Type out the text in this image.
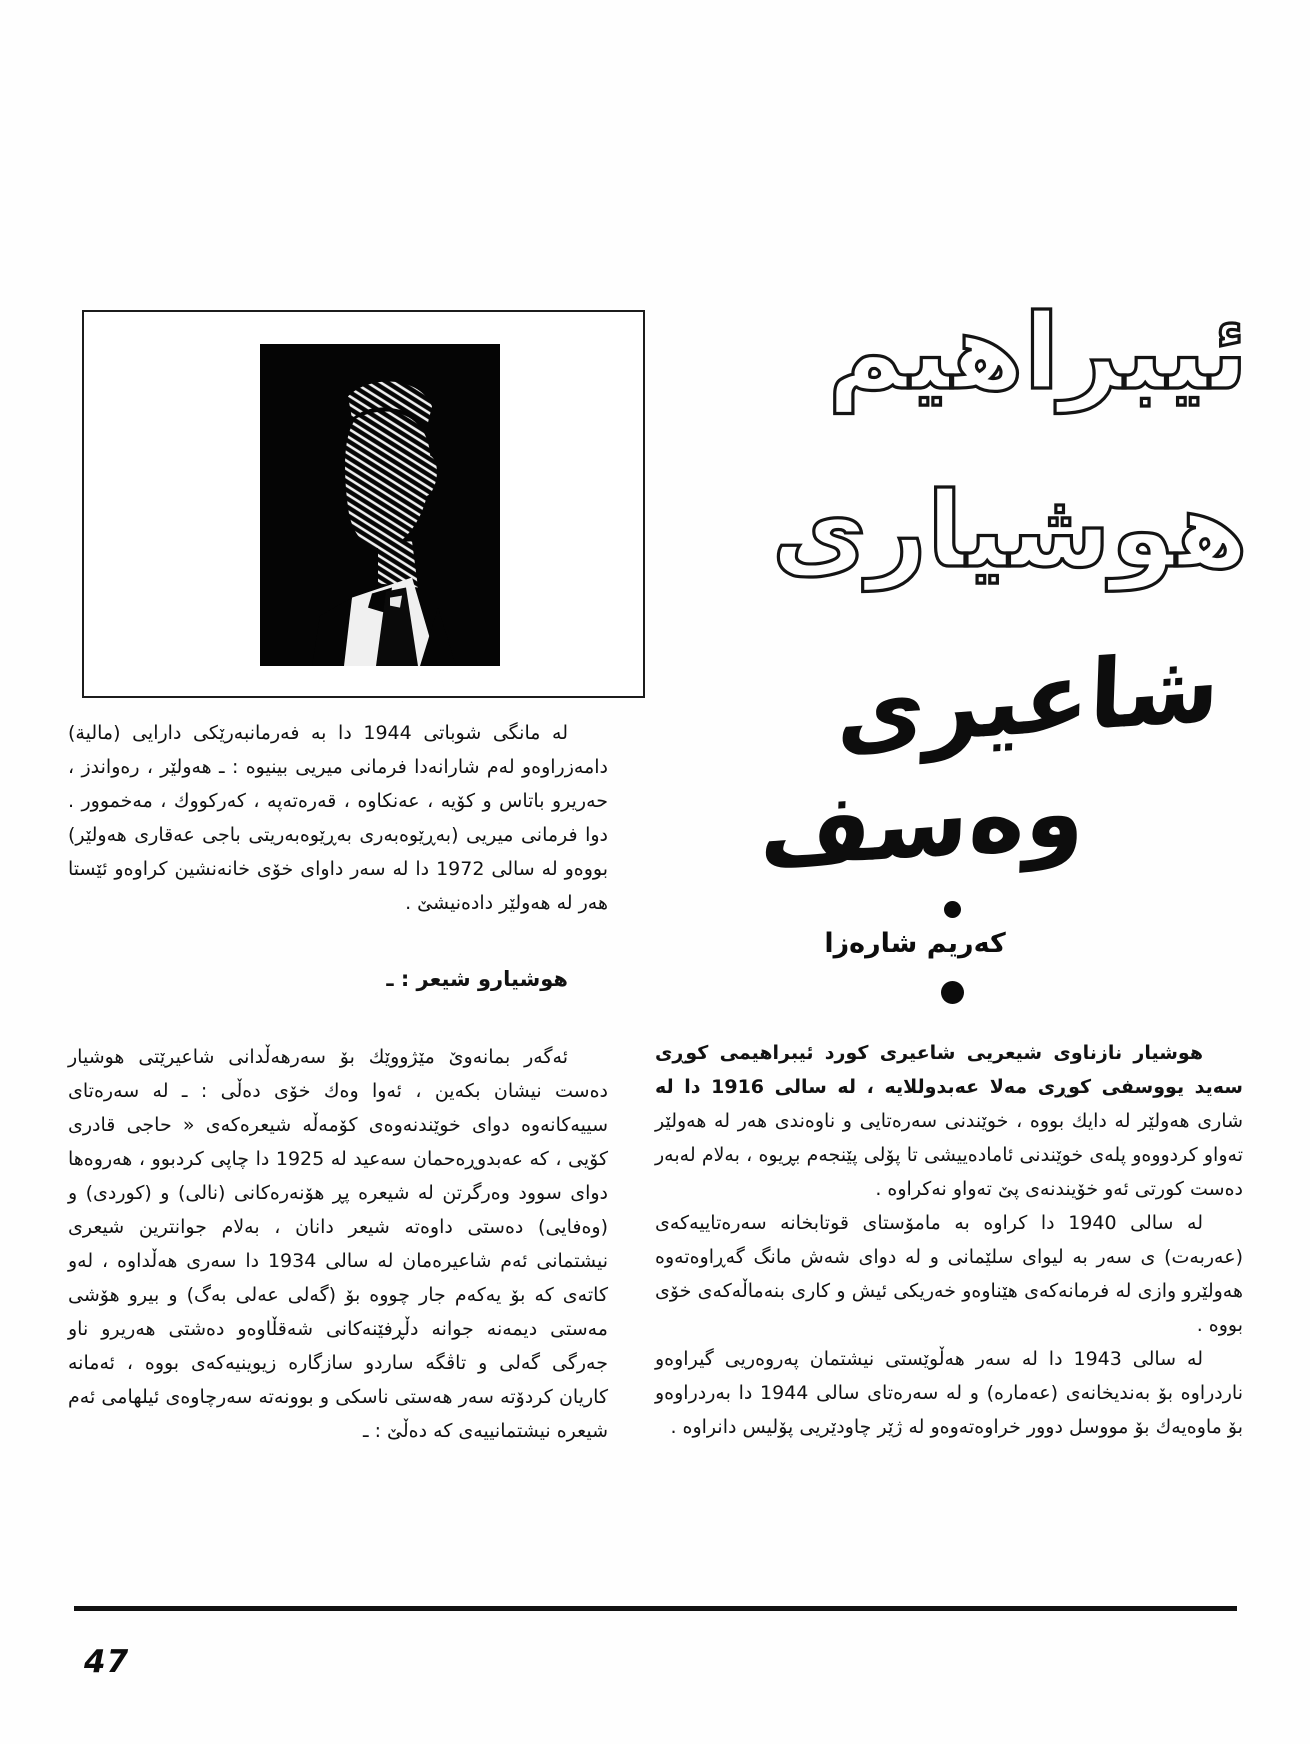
ئیبراهیم
هوشیاری
شاعیری
وەسف
کەریم شارەزا

له مانگی شوباتی 1944 دا به فەرمانبەرێکی دارایی (مالية) دامەزراوەو لەم شارانەدا فرمانی میریی بینیوه : ـ هەولێر ، رەواندز ، حەریرو باتاس و کۆیه ، عەنکاوه ، قەرەتەپه ، کەرکووك ، مەخموور . دوا فرمانی میریی (بەڕێوەبەری بەڕێوەبەریتی باجی عەقاری هەولێر) بووەو له سالی 1972 دا له سەر داوای خۆی خانەنشین کراوەو ئێستا هەر له هەولێر دادەنیشێ .

هوشیارو شیعر : ـ

ئەگەر بمانەوێ مێژووێك بۆ سەرهەڵدانی شاعیرێتی هوشیار دەست نیشان بکەین ، ئەوا وەك خۆی دەڵی : ـ له سەرەتای سییەکانەوه دوای خوێندنەوەی کۆمەڵه شیعرەکەی « حاجی قادری کۆیی ، که عەبدوڕەحمان سەعید له 1925 دا چاپی کردبوو ، هەروەها دوای سوود وەرگرتن له شیعره پڕ هۆنەرەکانی (نالی) و (کوردی) و (وەفایی) دەستی داوەته شیعر دانان ، بەلام جوانترین شیعری نیشتمانی ئەم شاعیرەمان له سالی 1934 دا سەری هەڵداوه ، لەو کاتەی که بۆ یەکەم جار چووه بۆ (گەلی عەلی بەگ) و بیرو هۆشی مەستی دیمەنه جوانه دڵڕفێنەکانی شەقڵاوەو دەشتی هەریرو ناو جەرگی گەلی و تاڤگه ساردو سازگاره زیوینیەکەی بووه ، ئەمانه کاریان کردۆته سەر هەستی ناسکی و بوونەته سەرچاوەی ئیلهامی ئەم شیعره نیشتمانییەی که دەڵێ : ـ

هوشیار نازناوی شیعریی شاعیری کورد ئیبراهیمی کوڕی سەید یووسفی کوڕی مەلا عەبدوللایه ، له سالی 1916 دا له شاری هەولێر له دایك بووه ، خوێندنی سەرەتایی و ناوەندی هەر له هەولێر تەواو کردووەو پلەی خوێندنی ئامادەییشی تا پۆلی پێنجەم بڕیوه ، بەلام لەبەر دەست کورتی ئەو خۆیندنەی پێ تەواو نەکراوه .

له سالی 1940 دا کراوه به مامۆستای قوتابخانه سەرەتاییەکەی (عەربەت) ی سەر به لیوای سلێمانی و له دوای شەش مانگ گەڕاوەتەوه هەولێرو وازی له فرمانەکەی هێناوەو خەریکی ئیش و کاری بنەماڵەکەی خۆی بووه .

له سالی 1943 دا له سەر هەڵوێستی نیشتمان پەروەریی گیراوەو ناردراوه بۆ بەندیخانەی (عەماره) و له سەرەتای سالی 1944 دا بەردراوەو بۆ ماوەیەك بۆ مووسل دوور خراوەتەوەو له ژێر چاودێریی پۆلیس دانراوه .

47
